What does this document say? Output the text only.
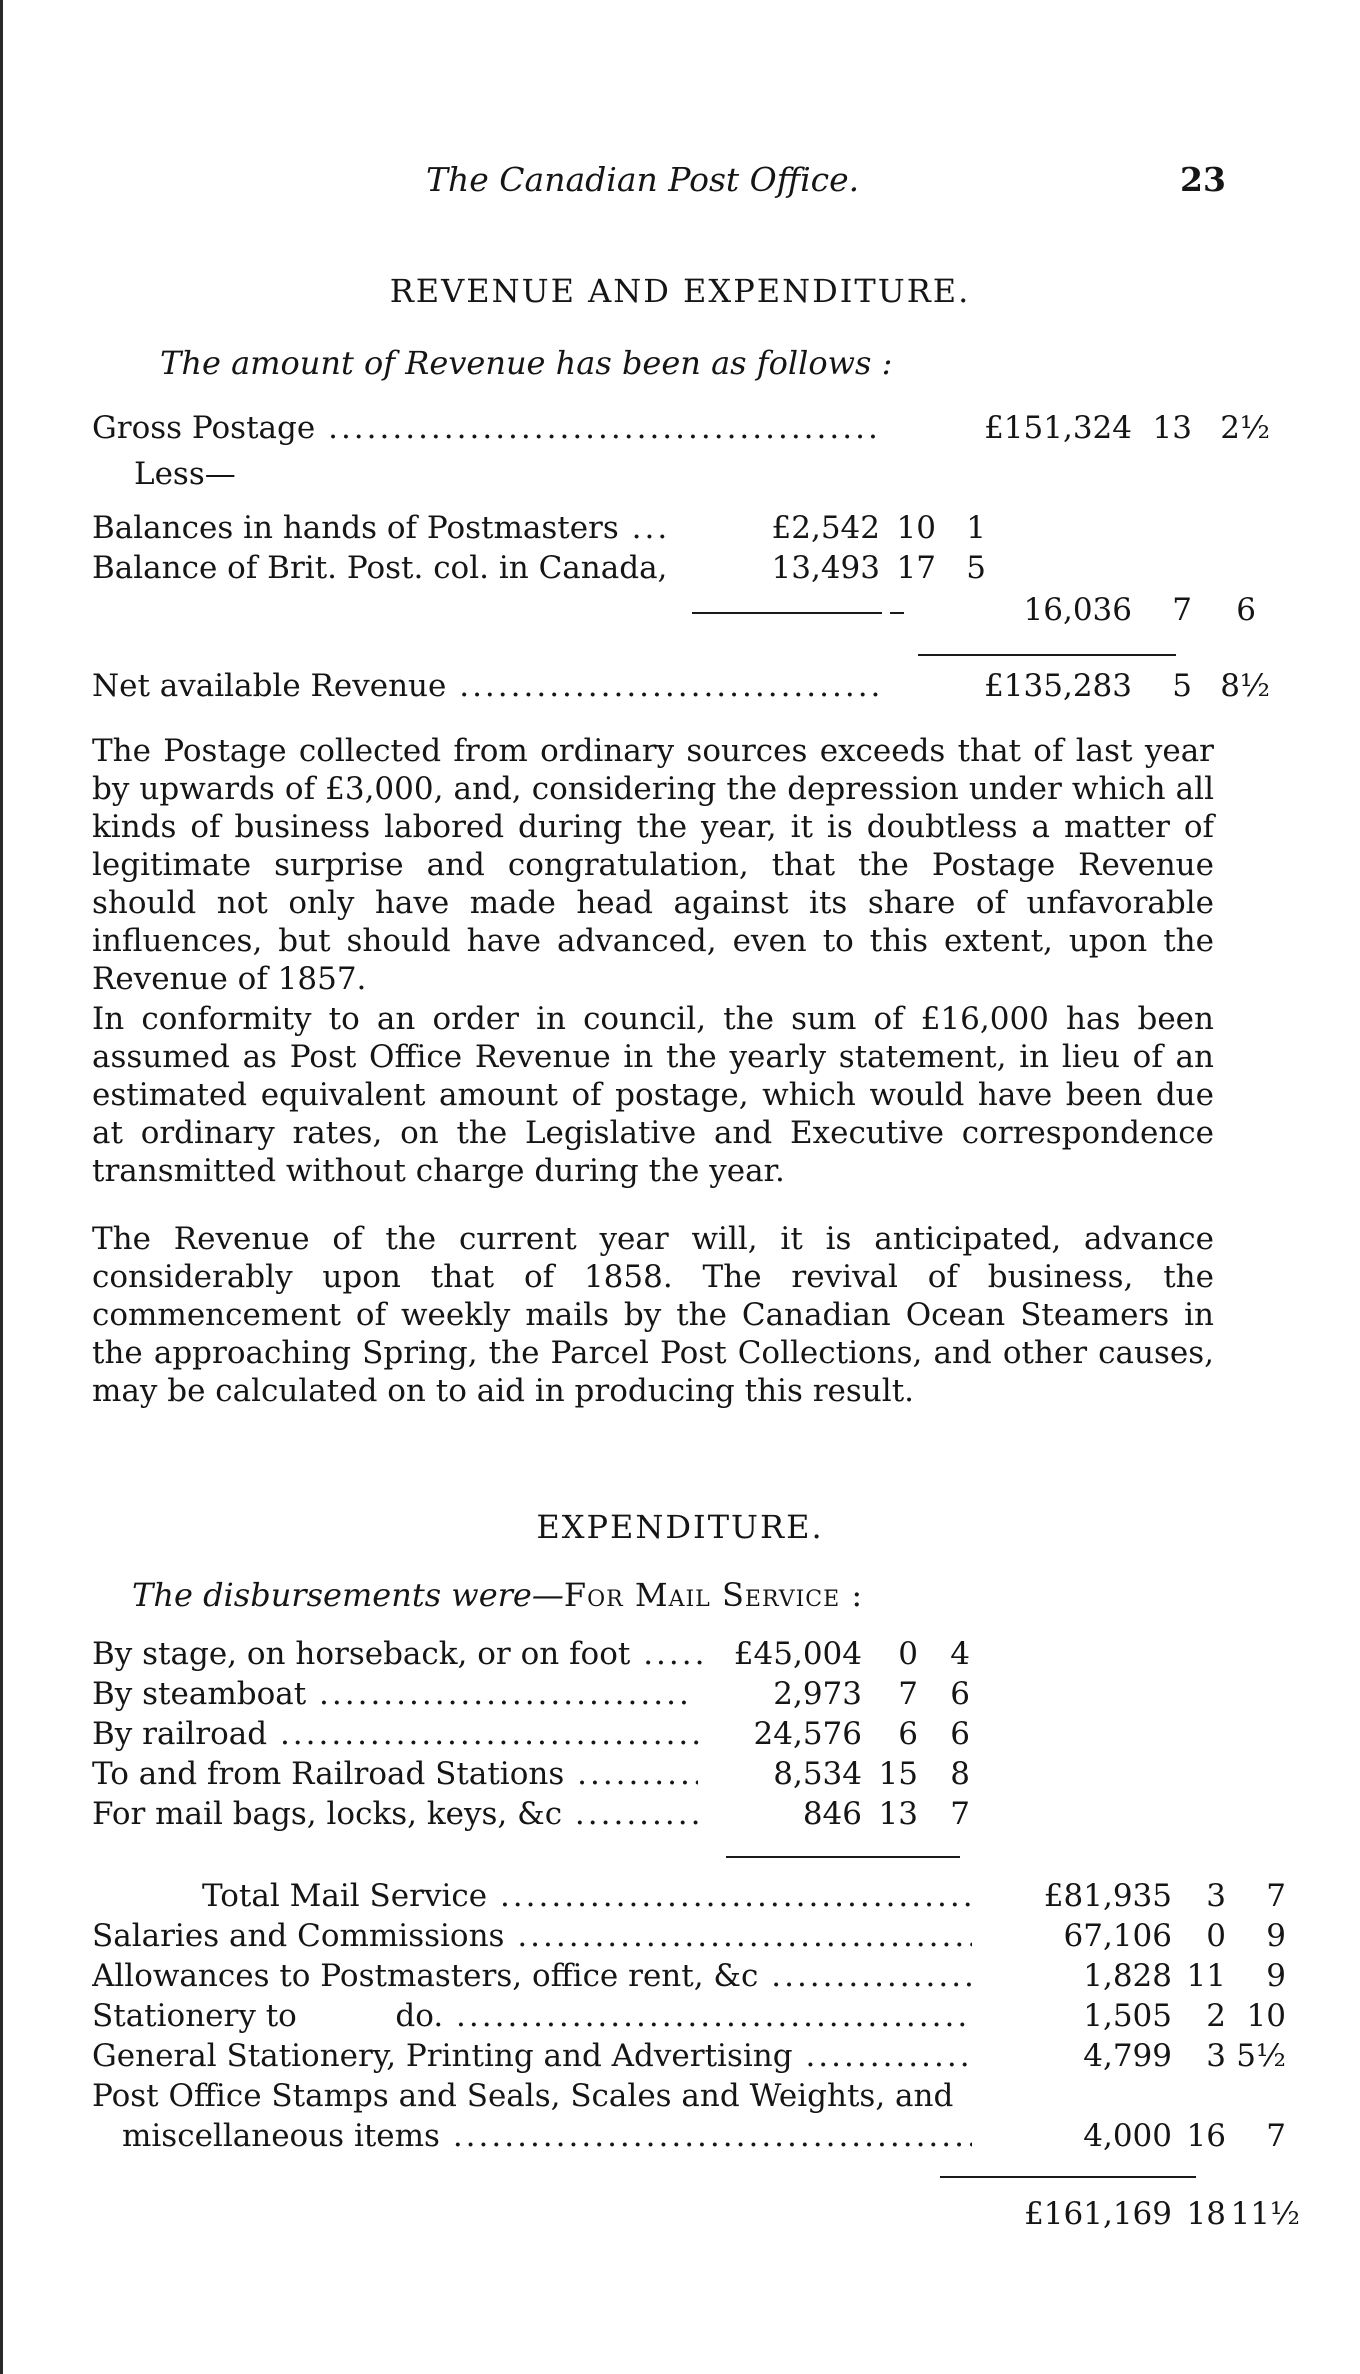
The Canadian Post Office.	23
REVENUE AND EXPENDITURE.
The amount of Revenue has been as follows :
Gross Postage .....	£151,324 13 2½
Less—
Balances in hands of Postmasters .....	£2,542 10 1
Balance of Brit. Post. col. in Canada,	13,493 17 5
16,036	7	6
Net available Revenue .....	£135,283	5 8½

The Postage collected from ordinary sources exceeds that of last year by upwards of £3,000, and, considering the depression under which all kinds of business labored during the year, it is doubtless a matter of legitimate surprise and congratulation, that the Postage Revenue should not only have made head against its share of unfavorable influences, but should have advanced, even to this extent, upon the Revenue of 1857.

In conformity to an order in council, the sum of £16,000 has been assumed as Post Office Revenue in the yearly statement, in lieu of an estimated equivalent amount of postage, which would have been due at ordinary rates, on the Legislative and Executive correspondence transmitted without charge during the year.

The Revenue of the current year will, it is anticipated, advance considerably upon that of 1858. The revival of business, the commencement of weekly mails by the Canadian Ocean Steamers in the approaching Spring, the Parcel Post Collections, and other causes, may be calculated on to aid in producing this result.

EXPENDITURE.
The disbursements were—For Mail Service :
By stage, on horseback, or on foot .....	£45,004	0	4
By steamboat .....	2,973	7	6
By railroad .....	24,576	6	6
To and from Railroad Stations .....	8,534 15	8
For mail bags, locks, keys, &c .....	846 13	7
Total Mail Service .....	£81,935	3	7
Salaries and Commissions .....	67,106	0	9
Allowances to Postmasters, office rent, &c .....	1,828 11	9
Stationery to          do. .....	1,505	2 10
General Stationery, Printing and Advertising .....	4,799	3 5½
Post Office Stamps and Seals, Scales and Weights, and
miscellaneous items .....	4,000 16	7
£161,169 18 11½
